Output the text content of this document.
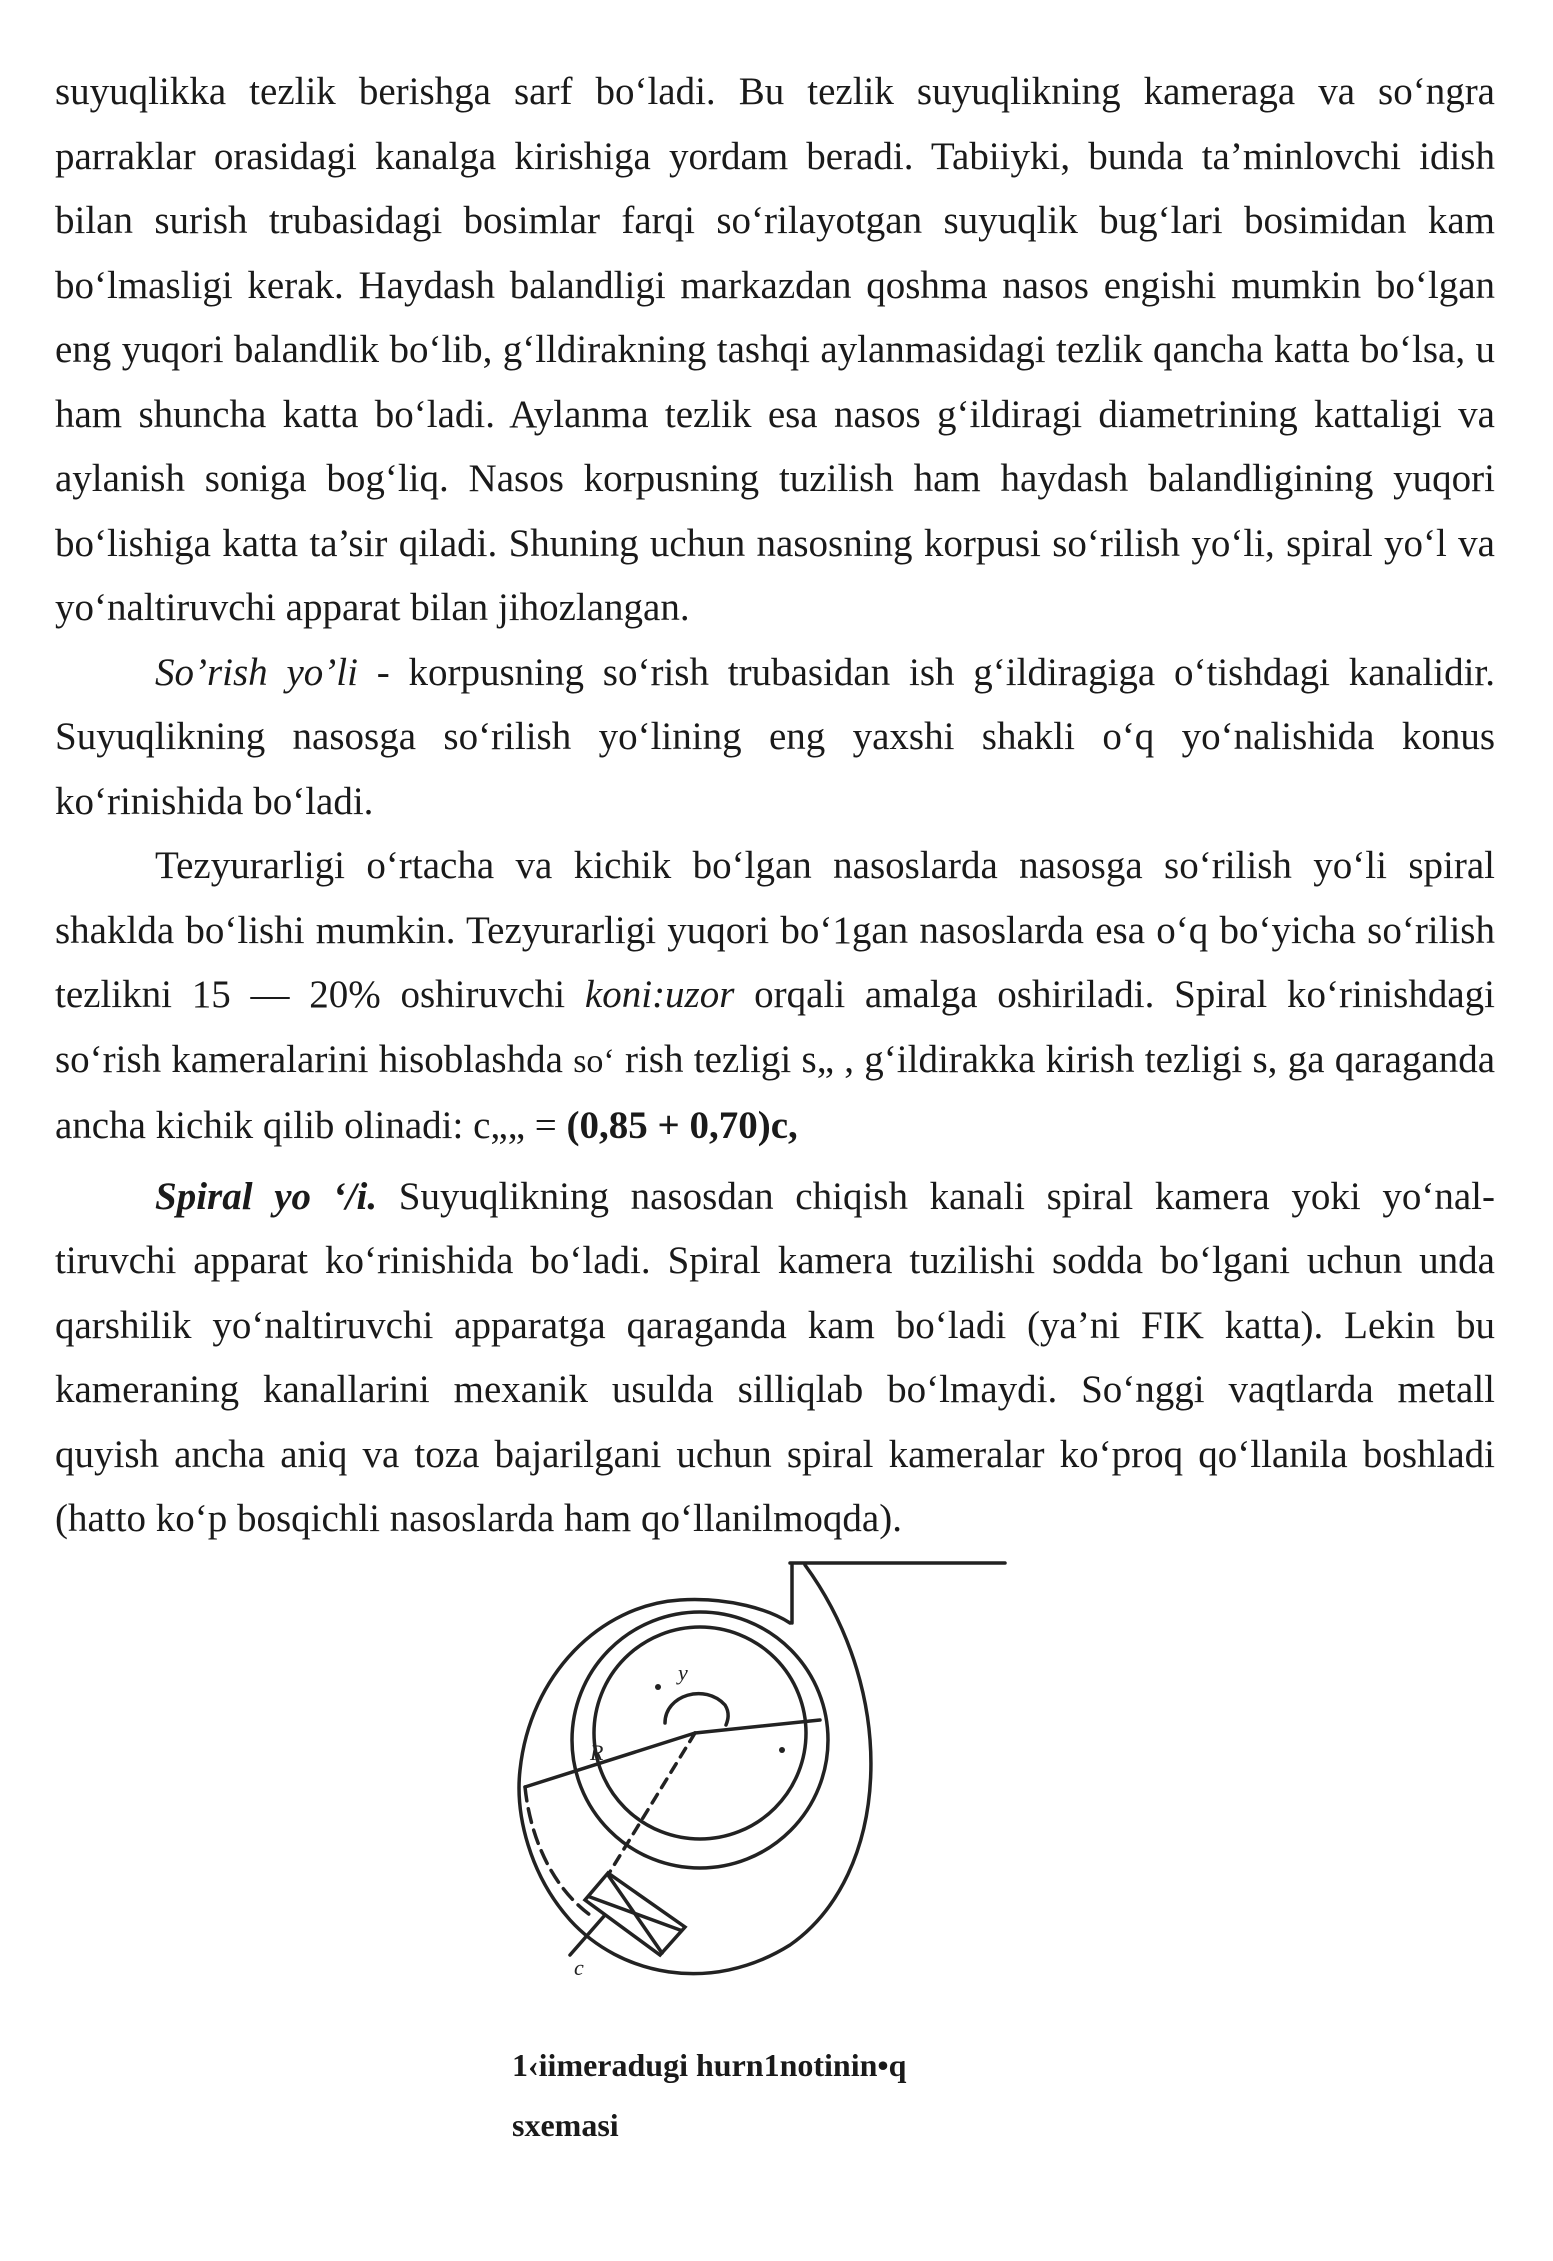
suyuqlikka tezlik berishga sarf bo‘ladi. Bu tezlik suyuqlikning kameraga va so‘ngra parraklar orasidagi kanalga kirishiga yordam beradi. Tabiiyki, bunda ta’minlovchi idish bilan surish trubasidagi bosimlar farqi so‘rilayotgan suyuqlik bug‘lari bosimidan kam bo‘lmasligi kerak. Haydash balandligi markazdan qoshma nasos engishi mumkin bo‘lgan eng yuqori balandlik bo‘lib, g‘lldirakning tashqi aylanmasidagi tezlik qancha katta bo‘lsa, u ham shuncha katta bo‘ladi. Aylanma tezlik esa nasos g‘ildiragi diametrining kattaligi va aylanish soniga bog‘liq. Nasos korpusning tuzilish ham haydash balandligining yuqori bo‘lishiga katta ta’sir qiladi. Shuning uchun nasosning korpusi so‘rilish yo‘li, spiral yo‘l va yo‘naltiruvchi apparat bilan jihozlangan.

So’rish yo’li - korpusning so‘rish trubasidan ish g‘ildiragiga o‘tishdagi kanalidir. Suyuqlikning nasosga so‘rilish yo‘lining eng yaxshi shakli o‘q yo‘nalishida konus ko‘rinishida bo‘ladi.

Tezyurarligi o‘rtacha va kichik bo‘lgan nasoslarda nasosga so‘rilish yo‘li spiral shaklda bo‘lishi mumkin. Tezyurarligi yuqori bo‘1gan nasoslarda esa o‘q bo‘yicha so‘rilish tezlikni 15 — 20% oshiruvchi koni:uzor orqali amalga oshiriladi. Spiral ko‘rinishdagi so‘rish kameralarini hisoblashda so‘ rish tezligi s„ , g‘ildirakka kirish tezligi s, ga qaraganda ancha kichik qilib olinadi: c„„ = (0,85 + 0,70)c,

Spiral yo ‘/i. Suyuqlikning nasosdan chiqish kanali spiral kamera yoki yo‘nal-tiruvchi apparat ko‘rinishida bo‘ladi. Spiral kamera tuzilishi sodda bo‘lgani uchun unda qarshilik yo‘naltiruvchi apparatga qaraganda kam bo‘ladi (ya’ni FIK katta). Lekin bu kameraning kanallarini mexanik usulda silliqlab bo‘lmaydi. So‘nggi vaqtlarda metall quyish ancha aniq va toza bajarilgani uchun spiral kameralar ko‘proq qo‘llanila boshladi (hatto ko‘p bosqichli nasoslarda ham qo‘llanilmoqda).

R
y
c
1‹iimeradugi hurn1notinin•q
sxemasi
